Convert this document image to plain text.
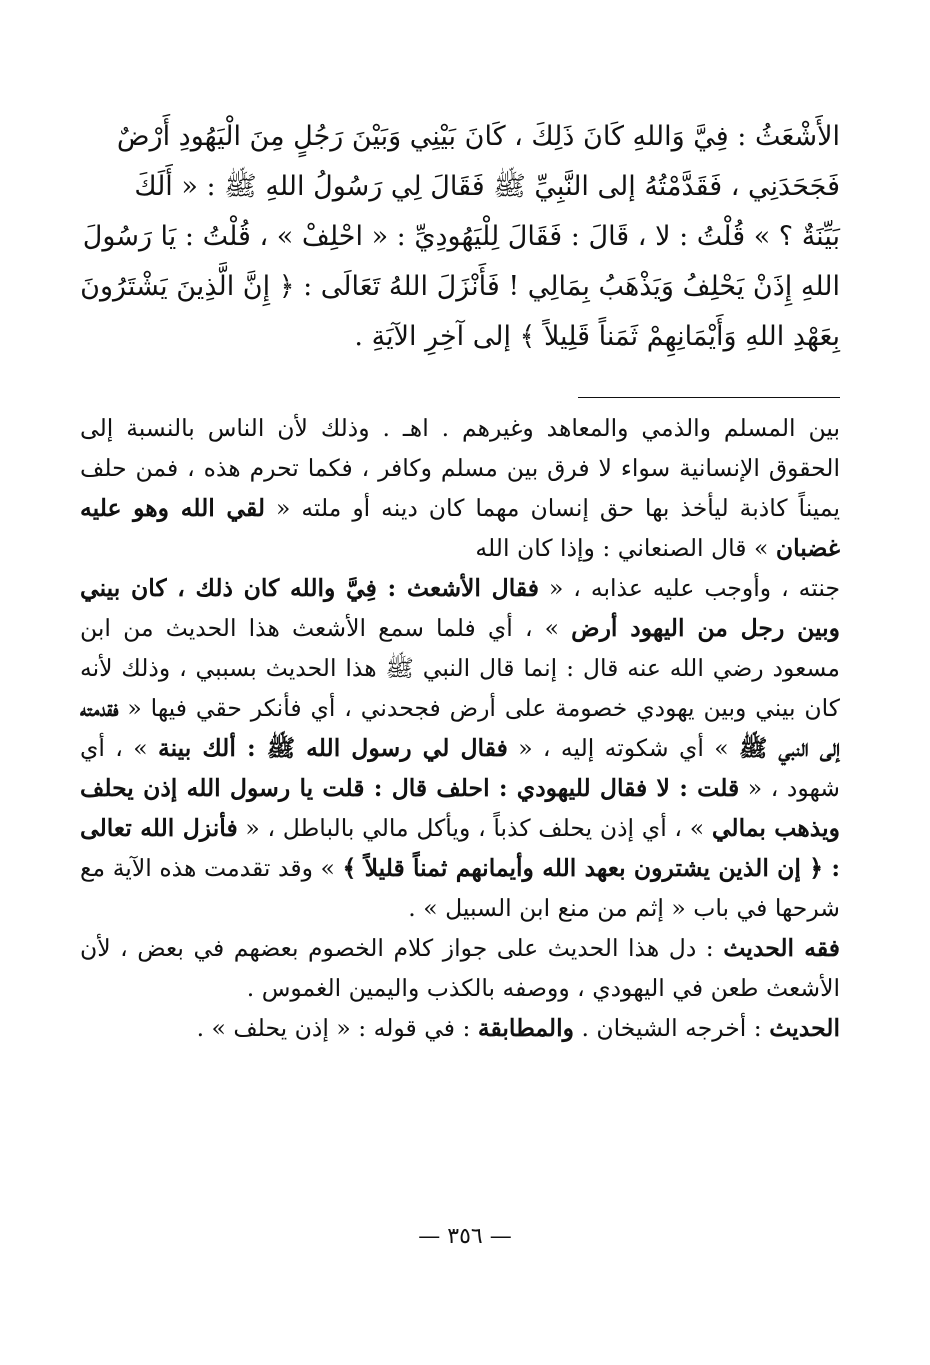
الأَشْعَثُ : فِيَّ وَاللهِ كَانَ ذَلِكَ ، كَانَ بَيْنِي وَبَيْنَ رَجُلٍ مِنَ الْيَهُودِ أَرْضٌ

فَجَحَدَنِي ، فَقَدَّمْتُهُ إلى النَّبِيِّ ﷺ فَقَالَ لِي رَسُولُ اللهِ ﷺ : « أَلَكَ

بَيِّنَةٌ ؟ » قُلْتُ : لا ، قَالَ : فَقَالَ لِلْيَهُودِيِّ : « احْلِفْ » ، قُلْتُ : يَا رَسُولَ

اللهِ إِذَنْ يَحْلِفُ وَيَذْهَبُ بِمَالِي ! فَأَنْزَلَ اللهُ تَعَالَى : ﴿ إِنَّ الَّذِينَ يَشْتَرُونَ

بِعَهْدِ اللهِ وَأَيْمَانِهِمْ ثَمَناً قَلِيلاً ﴾ إلى آخِرِ الآيَةِ .

بين المسلم والذمي والمعاهد وغيرهم . اهـ . وذلك لأن الناس بالنسبة إلى الحقوق الإنسانية سواء لا فرق بين مسلم وكافر ، فكما تحرم هذه ، فمن حلف يميناً كاذبة ليأخذ بها حق إنسان مهما كان دينه أو ملته « لقي الله وهو عليه غضبان » قال الصنعاني : وإذا كان الله

جنته ، وأوجب عليه عذابه ، « فقال الأشعث : فِيَّ والله كان ذلك ، كان بيني وبين رجل من اليهود أرض » ، أي فلما سمع الأشعث هذا الحديث من ابن مسعود رضي الله عنه قال : إنما قال النبي ﷺ هذا الحديث بسببي ، وذلك لأنه كان بيني وبين يهودي خصومة على أرض فجحدني ، أي فأنكر حقي فيها « فقدمته إلى النبي ﷺ » أي شكوته إليه ، « فقال لي رسول الله ﷺ : ألك بينة » ، أي شهود ، « قلت : لا فقال لليهودي : احلف قال : قلت يا رسول الله إذن يحلف ويذهب بمالي » ، أي إذن يحلف كذباً ، ويأكل مالي بالباطل ، « فأنزل الله تعالى : ﴿ إن الذين يشترون بعهد الله وأيمانهم ثمناً قليلاً ﴾ » وقد تقدمت هذه الآية مع شرحها في باب « إثم من منع ابن السبيل » .

فقه الحديث : دل هذا الحديث على جواز كلام الخصوم بعضهم في بعض ، لأن الأشعث طعن في اليهودي ، ووصفه بالكذب واليمين الغموس .

الحديث : أخرجه الشيخان . والمطابقة : في قوله : « إذن يحلف » .

— ٣٥٦ —
